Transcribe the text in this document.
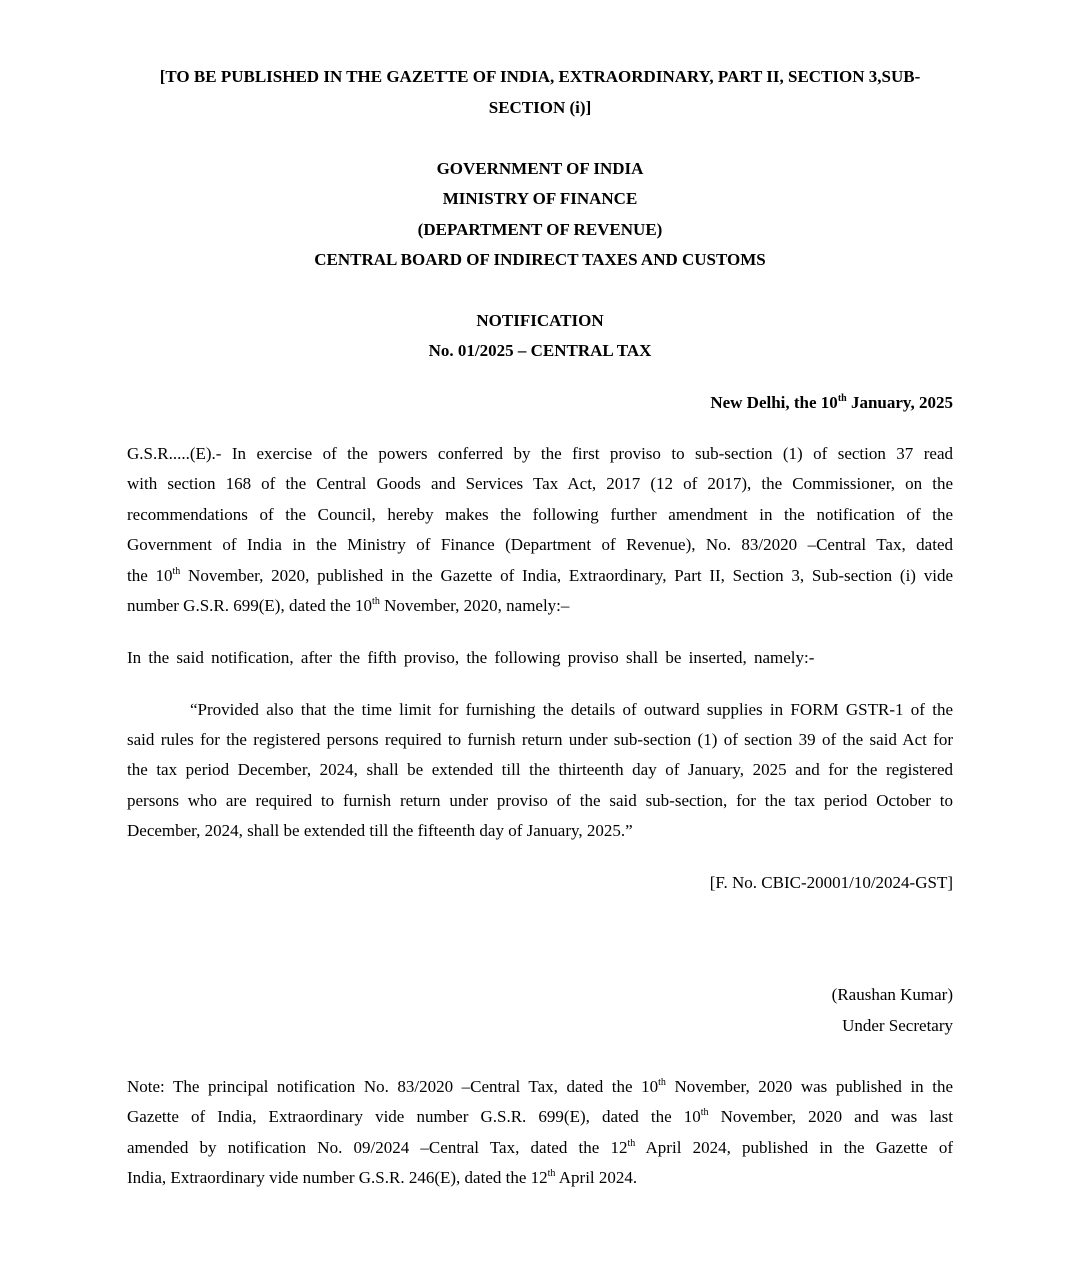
[TO BE PUBLISHED IN THE GAZETTE OF INDIA, EXTRAORDINARY, PART II, SECTION 3,SUB-
SECTION (i)]
GOVERNMENT OF INDIA
MINISTRY OF FINANCE
(DEPARTMENT OF REVENUE)
CENTRAL BOARD OF INDIRECT TAXES AND CUSTOMS
NOTIFICATION
No. 01/2025 – CENTRAL TAX
New Delhi, the 10th January, 2025
G.S.R.....(E).- In exercise of the powers conferred by the first proviso to sub-section (1) of section 37 read
with section 168 of the Central Goods and Services Tax Act, 2017 (12 of 2017), the Commissioner, on the
recommendations of the Council, hereby makes the following further amendment in the notification of the
Government of India in the Ministry of Finance (Department of Revenue), No. 83/2020 –Central Tax, dated
the 10th November, 2020, published in the Gazette of India, Extraordinary, Part II, Section 3, Sub-section (i) vide
number G.S.R. 699(E), dated the 10th November, 2020, namely:–
In the said notification, after the fifth proviso, the following proviso shall be inserted, namely:-
“Provided also that the time limit for furnishing the details of outward supplies in FORM GSTR-1 of the
said rules for the registered persons required to furnish return under sub-section (1) of section 39 of the said Act for
the tax period December, 2024, shall be extended till the thirteenth day of January, 2025 and for the registered
persons who are required to furnish return under proviso of the said sub-section, for the tax period October to
December, 2024, shall be extended till the fifteenth day of January, 2025.”
[F. No. CBIC-20001/10/2024-GST]
(Raushan Kumar)
Under Secretary
Note: The principal notification No. 83/2020 –Central Tax, dated the 10th November, 2020 was published in the
Gazette of India, Extraordinary vide number G.S.R. 699(E), dated the 10th November, 2020 and was last
amended by notification No. 09/2024 –Central Tax, dated the 12th April 2024, published in the Gazette of
India, Extraordinary vide number G.S.R. 246(E), dated the 12th April 2024.
